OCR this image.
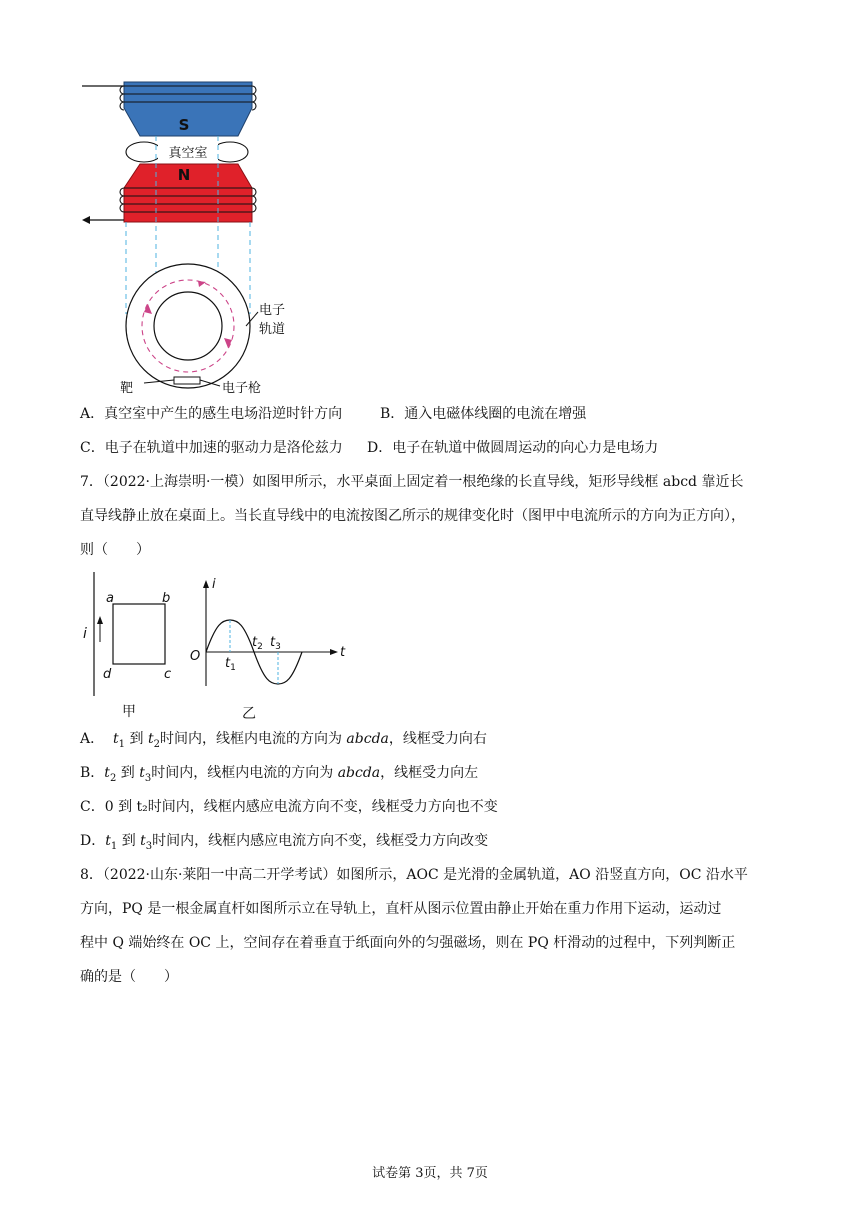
S
真空室
N
靶	电子枪
电子
轨道
A．真空室中产生的感生电场沿逆时针方向	B．通入电磁体线圈的电流在增强
C．电子在轨道中加速的驱动力是洛伦兹力 D．电子在轨道中做圆周运动的向心力是电场力
7．（2022·上海崇明·一模）如图甲所示，水平桌面上固定着一根绝缘的长直导线，矩形导线框 abcd 靠近长
直导线静止放在桌面上。当长直导线中的电流按图乙所示的规律变化时（图甲中电流所示的方向为正方向），
则（　　）
i
a	b
c
d
甲
i
t
O $t_1$
$t_2$ $t_3$
乙
A． $t_1$ 到 $t_2$时间内，线框内电流的方向为 abcda，线框受力向右
B．$t_2$ 到 $t_3$时间内，线框内电流的方向为 abcda，线框受力向左
C．0 到 t₂时间内，线框内感应电流方向不变，线框受力方向也不变
D．$t_1$ 到 $t_3$时间内，线框内感应电流方向不变，线框受力方向改变
8．（2022·山东·莱阳一中高二开学考试）如图所示，AOC 是光滑的金属轨道，AO 沿竖直方向，OC 沿水平
方向，PQ 是一根金属直杆如图所示立在导轨上，直杆从图示位置由静止开始在重力作用下运动，运动过
程中 Q 端始终在 OC 上，空间存在着垂直于纸面向外的匀强磁场，则在 PQ 杆滑动的过程中，下列判断正
确的是（　　）
试卷第 3页，共 7页
